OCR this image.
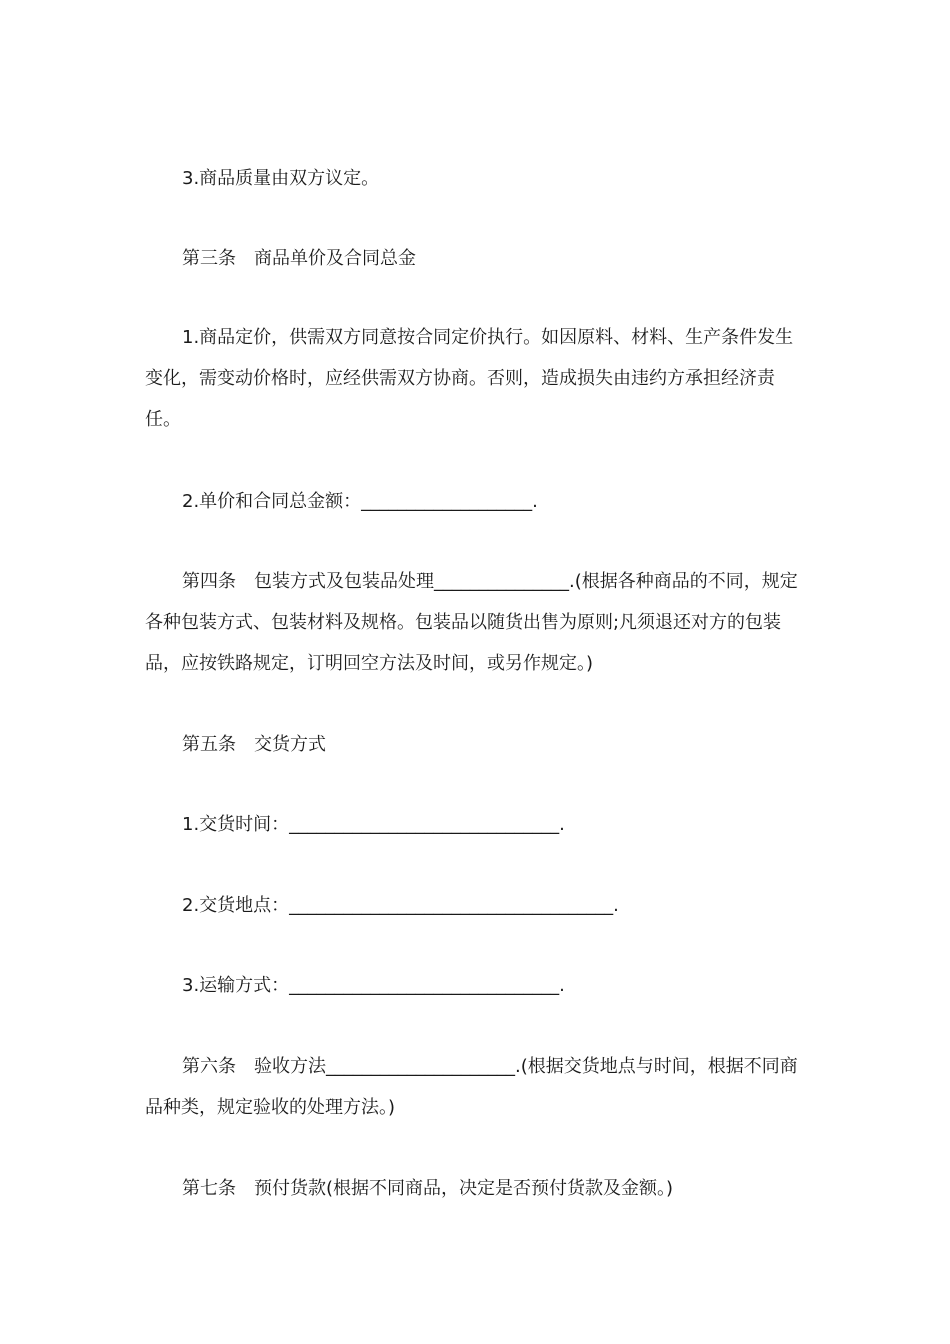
3.商品质量由双方议定。

第三条　商品单价及合同总金

1.商品定价，供需双方同意按合同定价执行。如因原料、材料、生产条件发生变化，需变动价格时，应经供需双方协商。否则，造成损失由违约方承担经济责任。

2.单价和合同总金额：___________________.

第四条　包装方式及包装品处理_______________.(根据各种商品的不同，规定各种包装方式、包装材料及规格。包装品以随货出售为原则;凡须退还对方的包装品，应按铁路规定，订明回空方法及时间，或另作规定。)

第五条　交货方式

1.交货时间：______________________________.

2.交货地点：____________________________________.

3.运输方式：______________________________.

第六条　验收方法_____________________.(根据交货地点与时间，根据不同商品种类，规定验收的处理方法。)

第七条　预付货款(根据不同商品，决定是否预付货款及金额。)
